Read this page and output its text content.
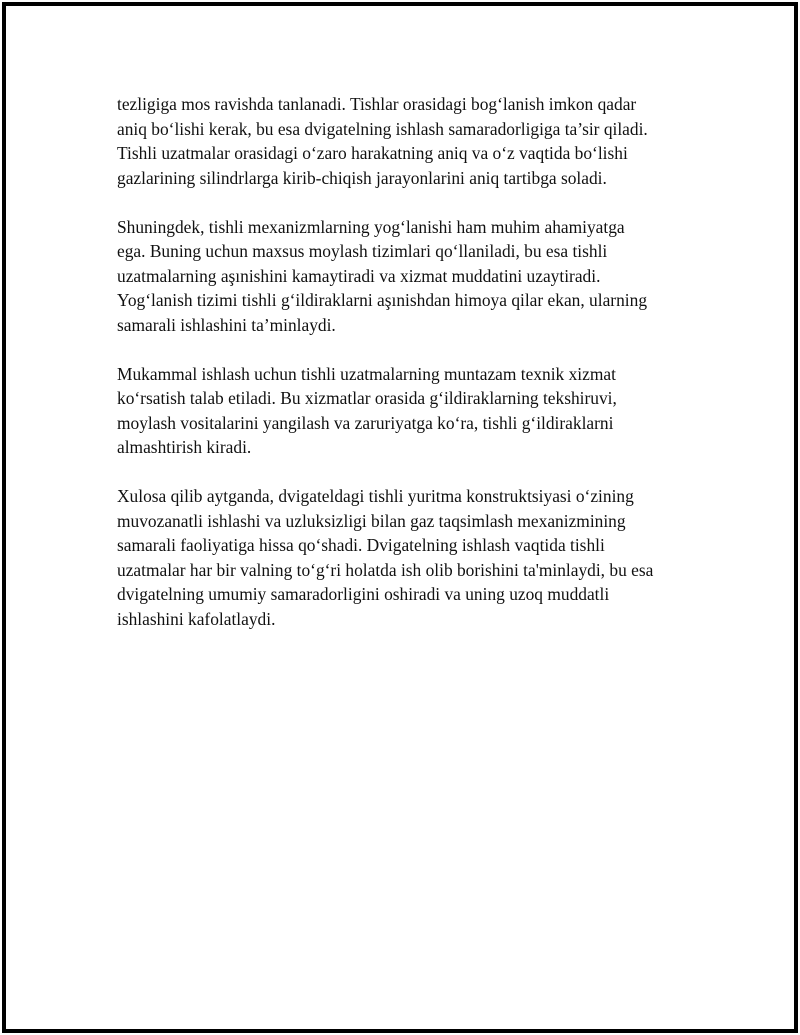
tezligiga mos ravishda tanlanadi. Tishlar orasidagi bog‘lanish imkon qadar
aniq bo‘lishi kerak, bu esa dvigatelning ishlash samaradorligiga ta’sir qiladi.
Tishli uzatmalar orasidagi o‘zaro harakatning aniq va o‘z vaqtida bo‘lishi
gazlarining silindrlarga kirib-chiqish jarayonlarini aniq tartibga soladi.

Shuningdek, tishli mexanizmlarning yog‘lanishi ham muhim ahamiyatga
ega. Buning uchun maxsus moylash tizimlari qo‘llaniladi, bu esa tishli
uzatmalarning aşınishini kamaytiradi va xizmat muddatini uzaytiradi.
Yog‘lanish tizimi tishli g‘ildiraklarni aşınishdan himoya qilar ekan, ularning
samarali ishlashini ta’minlaydi.

Mukammal ishlash uchun tishli uzatmalarning muntazam texnik xizmat
ko‘rsatish talab etiladi. Bu xizmatlar orasida g‘ildiraklarning tekshiruvi,
moylash vositalarini yangilash va zaruriyatga ko‘ra, tishli g‘ildiraklarni
almashtirish kiradi.

Xulosa qilib aytganda, dvigateldagi tishli yuritma konstruktsiyasi o‘zining
muvozanatli ishlashi va uzluksizligi bilan gaz taqsimlash mexanizmining
samarali faoliyatiga hissa qo‘shadi. Dvigatelning ishlash vaqtida tishli
uzatmalar har bir valning to‘g‘ri holatda ish olib borishini ta'minlaydi, bu esa
dvigatelning umumiy samaradorligini oshiradi va uning uzoq muddatli
ishlashini kafolatlaydi.
